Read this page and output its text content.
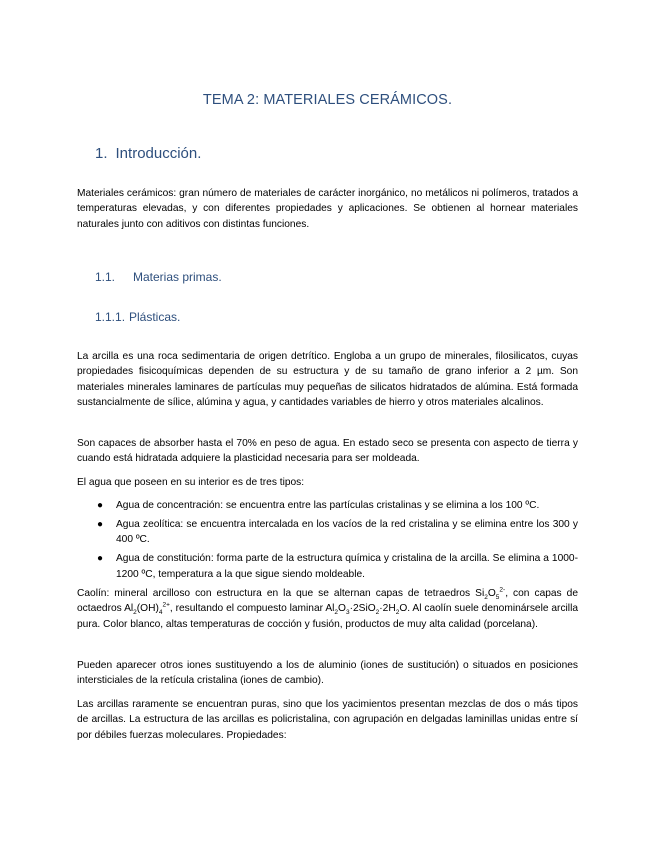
TEMA 2: MATERIALES CERÁMICOS.
1. Introducción.

Materiales cerámicos: gran número de materiales de carácter inorgánico, no metálicos ni polímeros, tratados a temperaturas elevadas, y con diferentes propiedades y aplicaciones. Se obtienen al hornear materiales naturales junto con aditivos con distintas funciones.

1.1. Materias primas.
1.1.1. Plásticas.

La arcilla es una roca sedimentaria de origen detrítico. Engloba a un grupo de minerales, filosilicatos, cuyas propiedades fisicoquímicas dependen de su estructura y de su tamaño de grano inferior a 2 µm. Son materiales minerales laminares de partículas muy pequeñas de silicatos hidratados de alúmina. Está formada sustancialmente de sílice, alúmina y agua, y cantidades variables de hierro y otros materiales alcalinos.

Son capaces de absorber hasta el 70% en peso de agua. En estado seco se presenta con aspecto de tierra y cuando está hidratada adquiere la plasticidad necesaria para ser moldeada.

El agua que poseen en su interior es de tres tipos:

● Agua de concentración: se encuentra entre las partículas cristalinas y se elimina a los 100 ºC.
● Agua zeolítica: se encuentra intercalada en los vacíos de la red cristalina y se elimina entre los 300 y 400 ºC.
● Agua de constitución: forma parte de la estructura química y cristalina de la arcilla. Se elimina a 1000-1200 ºC, temperatura a la que sigue siendo moldeable.

Caolín: mineral arcilloso con estructura en la que se alternan capas de tetraedros $Si_2O_5^{2-}$, con capas de octaedros $Al_2(OH)_4^{2+}$, resultando el compuesto laminar $Al_2O_3\cdot 2SiO_2\cdot 2H_2O$. Al caolín suele denominársele arcilla pura. Color blanco, altas temperaturas de cocción y fusión, productos de muy alta calidad (porcelana).

Pueden aparecer otros iones sustituyendo a los de aluminio (iones de sustitución) o situados en posiciones intersticiales de la retícula cristalina (iones de cambio).

Las arcillas raramente se encuentran puras, sino que los yacimientos presentan mezclas de dos o más tipos de arcillas. La estructura de las arcillas es policristalina, con agrupación en delgadas laminillas unidas entre sí por débiles fuerzas moleculares. Propiedades:
